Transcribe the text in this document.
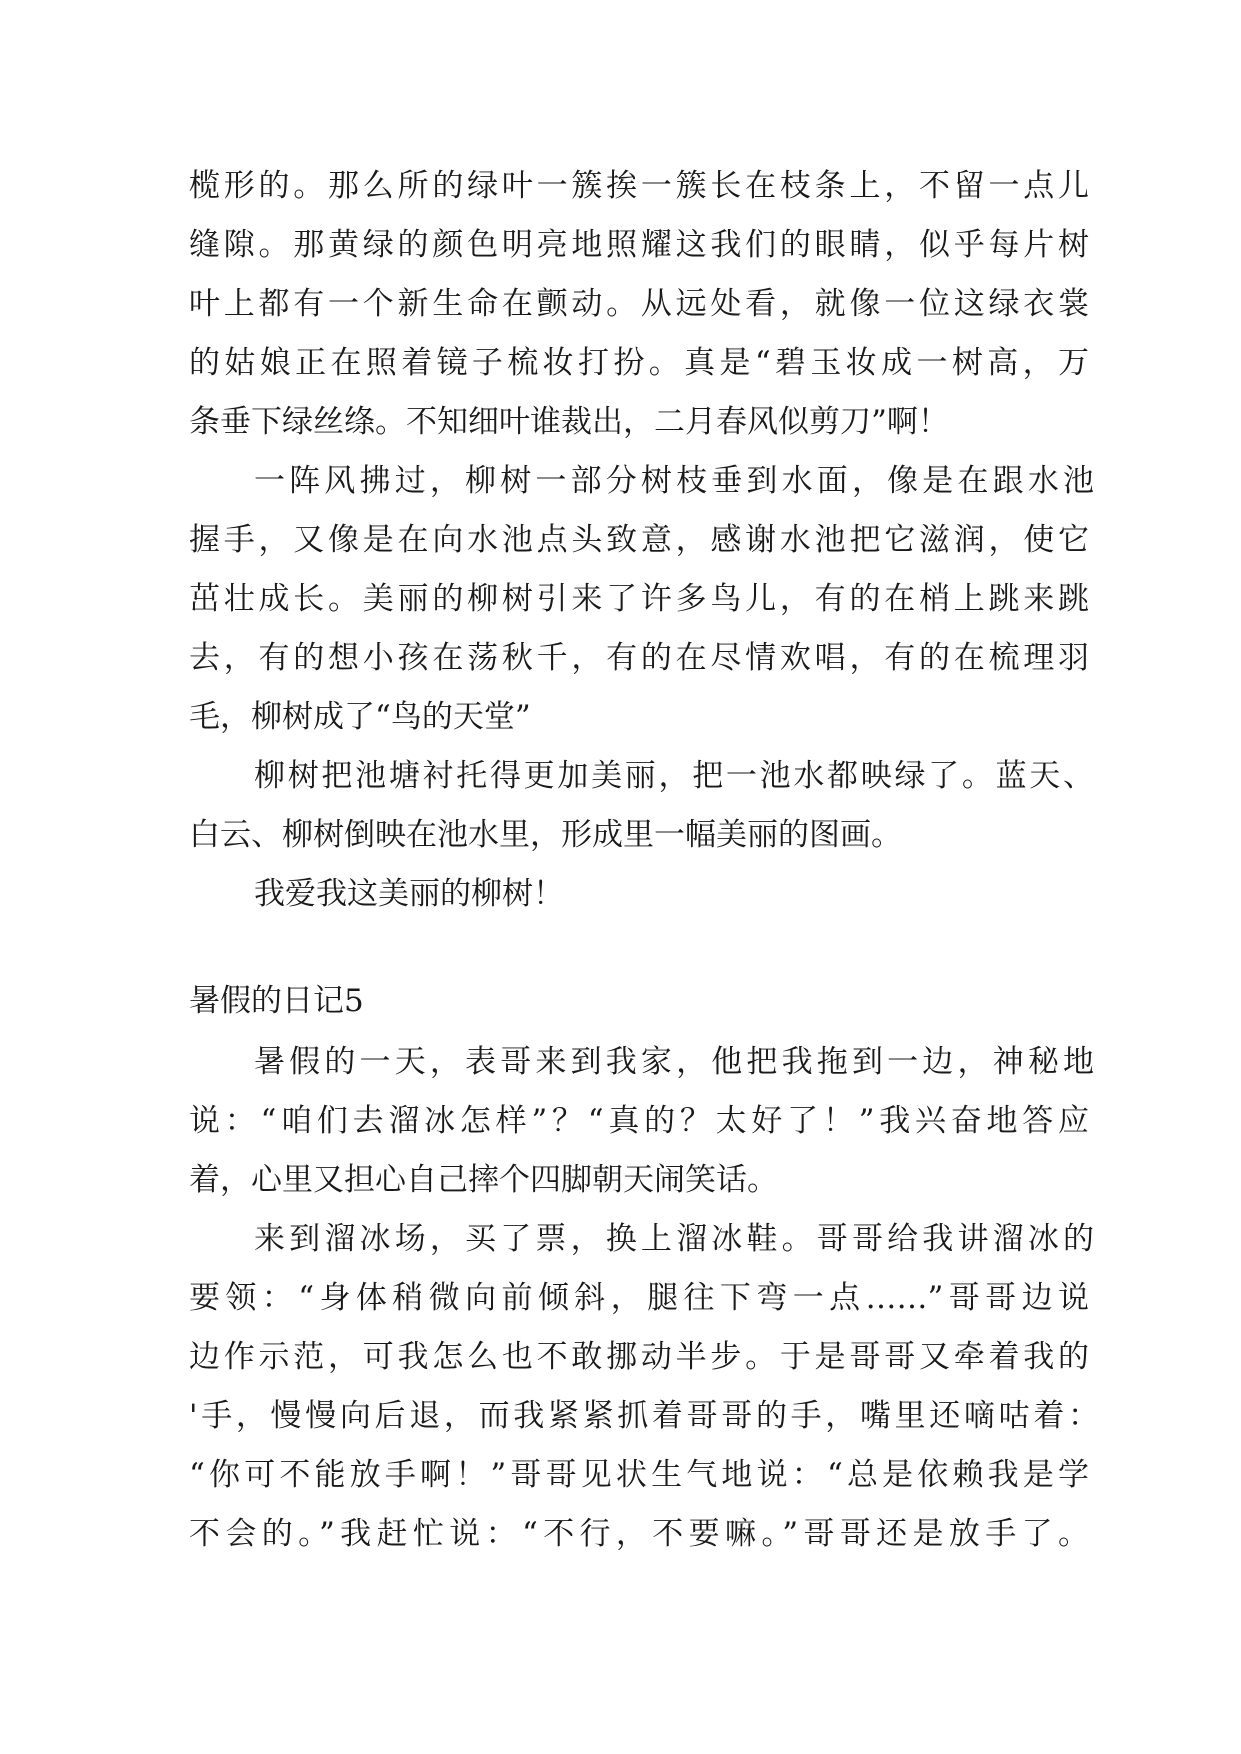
榄形的。那么所的绿叶一簇挨一簇长在枝条上，不留一点儿
缝隙。那黄绿的颜色明亮地照耀这我们的眼睛，似乎每片树
叶上都有一个新生命在颤动。从远处看，就像一位这绿衣裳
的姑娘正在照着镜子梳妆打扮。真是“碧玉妆成一树高，万
条垂下绿丝绦。不知细叶谁裁出，二月春风似剪刀”啊！
一阵风拂过，柳树一部分树枝垂到水面，像是在跟水池
握手，又像是在向水池点头致意，感谢水池把它滋润，使它
茁壮成长。美丽的柳树引来了许多鸟儿，有的在梢上跳来跳
去，有的想小孩在荡秋千，有的在尽情欢唱，有的在梳理羽
毛，柳树成了“鸟的天堂”
柳树把池塘衬托得更加美丽，把一池水都映绿了。蓝天、
白云、柳树倒映在池水里，形成里一幅美丽的图画。
我爱我这美丽的柳树！
暑假的日记5
暑假的一天，表哥来到我家，他把我拖到一边，神秘地
说：“咱们去溜冰怎样”？“真的？太好了！”我兴奋地答应
着，心里又担心自己摔个四脚朝天闹笑话。
来到溜冰场，买了票，换上溜冰鞋。哥哥给我讲溜冰的
要领：“身体稍微向前倾斜，腿往下弯一点……”哥哥边说
边作示范，可我怎么也不敢挪动半步。于是哥哥又牵着我的
'手，慢慢向后退，而我紧紧抓着哥哥的手，嘴里还嘀咕着：
“你可不能放手啊！”哥哥见状生气地说：“总是依赖我是学
不会的。”我赶忙说：“不行，不要嘛。”哥哥还是放手了。
